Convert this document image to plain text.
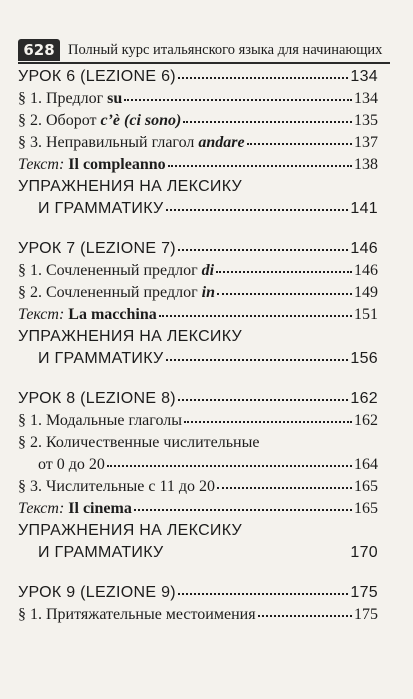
628 Полный курс итальянского языка для начинающих
УРОК 6 (LEZIONE 6)	134
§ 1. Предлог su	134
§ 2. Оборот c’è (ci sono)	135
§ 3. Неправильный глагол andare	137
Текст: Il compleanno	138
УПРАЖНЕНИЯ НА ЛЕКСИКУ
И ГРАММАТИКУ	141
УРОК 7 (LEZIONE 7)	146
§ 1. Сочлененный предлог di	146
§ 2. Сочлененный предлог in	149
Текст: La macchina	151
УПРАЖНЕНИЯ НА ЛЕКСИКУ
И ГРАММАТИКУ	156
УРОК 8 (LEZIONE 8)	162
§ 1. Модальные глаголы	162
§ 2. Количественные числительные
от 0 до 20	164
§ 3. Числительные с 11 до 20	165
Текст: Il cinema	165
УПРАЖНЕНИЯ НА ЛЕКСИКУ
И ГРАММАТИКУ	170
УРОК 9 (LEZIONE 9)	175
§ 1. Притяжательные местоимения	175
